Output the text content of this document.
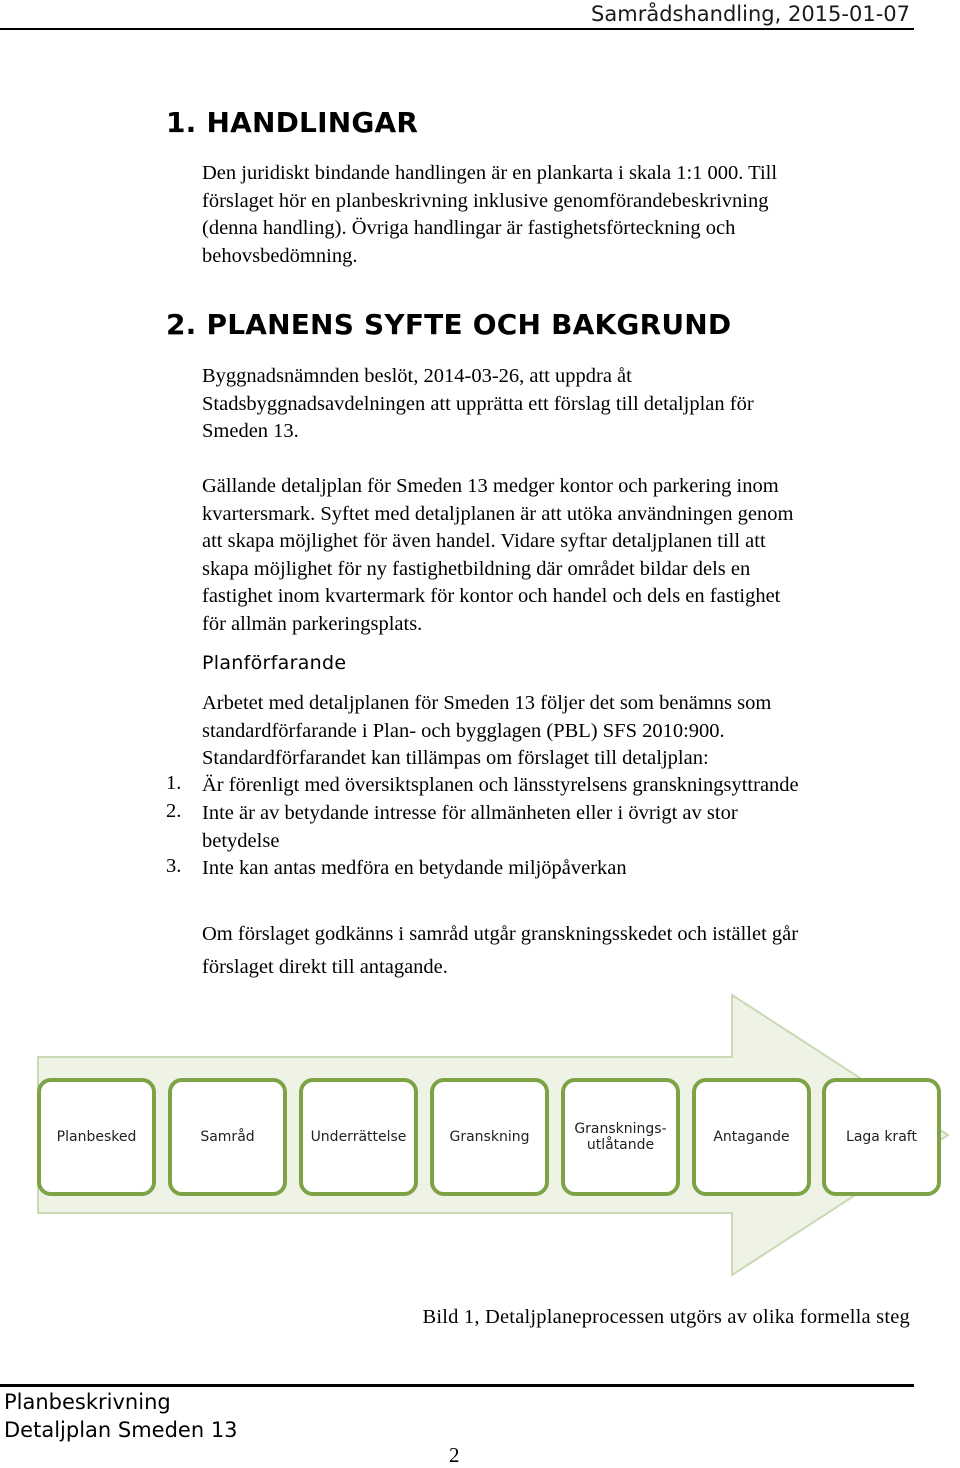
Samrådshandling, 2015-01-07
1. HANDLINGAR
Den juridiskt bindande handlingen är en plankarta i skala 1:1 000. Till
förslaget hör en planbeskrivning inklusive genomförandebeskrivning
(denna handling). Övriga handlingar är fastighetsförteckning och
behovsbedömning.
2. PLANENS SYFTE OCH BAKGRUND
Byggnadsnämnden beslöt, 2014-03-26, att uppdra åt
Stadsbyggnadsavdelningen att upprätta ett förslag till detaljplan för
Smeden 13.
Gällande detaljplan för Smeden 13 medger kontor och parkering inom
kvartersmark. Syftet med detaljplanen är att utöka användningen genom
att skapa möjlighet för även handel. Vidare syftar detaljplanen till att
skapa möjlighet för ny fastighetbildning där området bildar dels en
fastighet inom kvartermark för kontor och handel och dels en fastighet
för allmän parkeringsplats.
Planförfarande
Arbetet med detaljplanen för Smeden 13 följer det som benämns som
standardförfarande i Plan- och bygglagen (PBL) SFS 2010:900.
Standardförfarandet kan tillämpas om förslaget till detaljplan:
1. Är förenligt med översiktsplanen och länsstyrelsens granskningsyttrande
2. Inte är av betydande intresse för allmänheten eller i övrigt av stor
betydelse
3. Inte kan antas medföra en betydande miljöpåverkan
Om förslaget godkänns i samråd utgår granskningsskedet och istället går
förslaget direkt till antagande.
Planbesked	Samråd	Underrättelse	Granskning	Gransknings-
utlåtande	Antagande	Laga kraft
Bild 1, Detaljplaneprocessen utgörs av olika formella steg
Planbeskrivning
Detaljplan Smeden 13
2
